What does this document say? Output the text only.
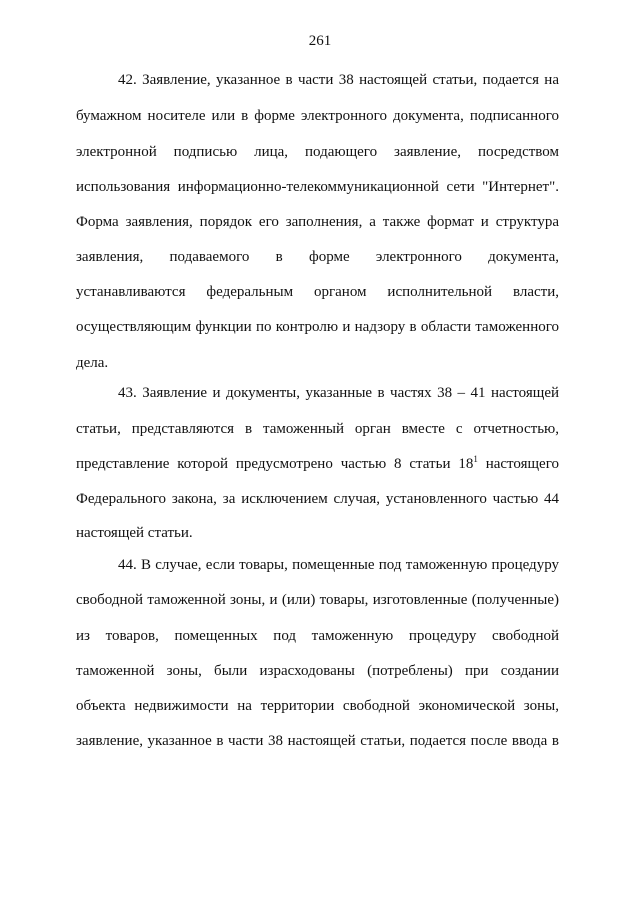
261
42. Заявление, указанное в части 38 настоящей статьи, подается на
бумажном носителе или в форме электронного документа, подписанного
электронной подписью лица, подающего заявление, посредством
использования информационно-телекоммуникационной сети "Интернет".
Форма заявления, порядок его заполнения, а также формат и структура
заявления, подаваемого в форме электронного документа,
устанавливаются федеральным органом исполнительной власти,
осуществляющим функции по контролю и надзору в области таможенного
дела.
43. Заявление и документы, указанные в частях 38 – 41 настоящей
статьи, представляются в таможенный орган вместе с отчетностью,
представление которой предусмотрено частью 8 статьи $18^1$ настоящего
Федерального закона, за исключением случая, установленного частью 44
настоящей статьи.
44. В случае, если товары, помещенные под таможенную процедуру
свободной таможенной зоны, и (или) товары, изготовленные (полученные)
из товаров, помещенных под таможенную процедуру свободной
таможенной зоны, были израсходованы (потреблены) при создании
объекта недвижимости на территории свободной экономической зоны,
заявление, указанное в части 38 настоящей статьи, подается после ввода в
